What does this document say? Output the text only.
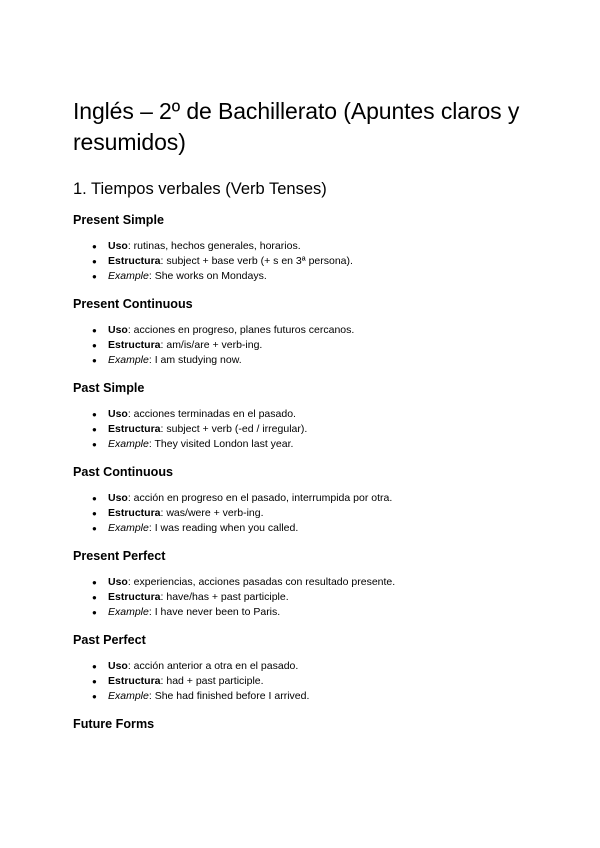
Inglés – 2º de Bachillerato (Apuntes claros y resumidos)
1. Tiempos verbales (Verb Tenses)
Present Simple
● Uso: rutinas, hechos generales, horarios.
● Estructura: subject + base verb (+ s en 3ª persona).
● Example: She works on Mondays.
Present Continuous
● Uso: acciones en progreso, planes futuros cercanos.
● Estructura: am/is/are + verb-ing.
● Example: I am studying now.
Past Simple
● Uso: acciones terminadas en el pasado.
● Estructura: subject + verb (-ed / irregular).
● Example: They visited London last year.
Past Continuous
● Uso: acción en progreso en el pasado, interrumpida por otra.
● Estructura: was/were + verb-ing.
● Example: I was reading when you called.
Present Perfect
● Uso: experiencias, acciones pasadas con resultado presente.
● Estructura: have/has + past participle.
● Example: I have never been to Paris.
Past Perfect
● Uso: acción anterior a otra en el pasado.
● Estructura: had + past participle.
● Example: She had finished before I arrived.
Future Forms
